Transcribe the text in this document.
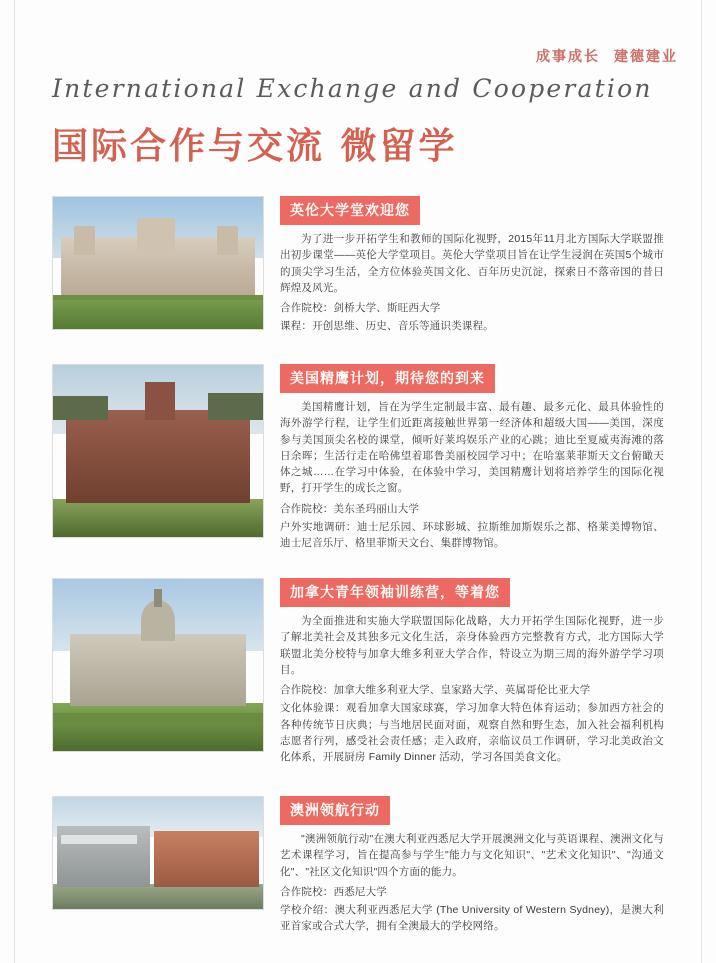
成事成长 建德建业
International Exchange and Cooperation
国际合作与交流 微留学
英伦大学堂欢迎您

为了进一步开拓学生和教师的国际化视野，2015年11月北方国际大学联盟推出初步课堂——英伦大学堂项目。英伦大学堂项目旨在让学生浸润在英国5个城市的顶尖学习生活，全方位体验英国文化、百年历史沉淀，探索日不落帝国的昔日辉煌及风光。

合作院校：剑桥大学、斯旺西大学

课程：开创思维、历史、音乐等通识类课程。

美国精鹰计划，期待您的到来

美国精鹰计划，旨在为学生定制最丰富、最有趣、最多元化、最具体验性的海外游学行程，让学生们近距离接触世界第一经济体和超级大国——美国，深度参与美国顶尖名校的课堂，倾听好莱坞娱乐产业的心跳；迪比至夏威夷海滩的落日余晖；生活行走在哈佛望着耶鲁美丽校园学习中；在哈塞莱菲斯天文台俯瞰天体之城……在学习中体验，在体验中学习，美国精鹰计划将培养学生的国际化视野，打开学生的成长之窗。

合作院校：美东圣玛丽山大学

户外实地调研：迪士尼乐园、环球影城、拉斯维加斯娱乐之都、格莱美博物馆、迪士尼音乐厅、格里菲斯天文台、集群博物馆。

加拿大青年领袖训练营，等着您

为全面推进和实施大学联盟国际化战略，大力开拓学生国际化视野，进一步了解北美社会及其独多元文化生活，亲身体验西方完整教育方式，北方国际大学联盟北美分校特与加拿大维多利亚大学合作，特设立为期三周的海外游学学习项目。

合作院校：加拿大维多利亚大学、皇家路大学、英属哥伦比亚大学

文化体验课：观看加拿大国家球赛，学习加拿大特色体育运动；参加西方社会的各种传统节日庆典；与当地居民面对面，观察自然和野生态，加入社会福利机构志愿者行列，感受社会责任感；走入政府，亲临议员工作调研，学习北美政治文化体系，开展厨房 Family Dinner 活动，学习各国美食文化。

澳洲领航行动

"澳洲领航行动"在澳大利亚西悉尼大学开展澳洲文化与英语课程、澳洲文化与艺术课程学习，旨在提高参与学生"能力与文化知识"、"艺术文化知识"、"沟通文化"、"社区文化知识"四个方面的能力。

合作院校：西悉尼大学

学校介绍：澳大利亚西悉尼大学 (The University of Western Sydney)，是澳大利亚首家或合式大学，拥有全澳最大的学校网络。
